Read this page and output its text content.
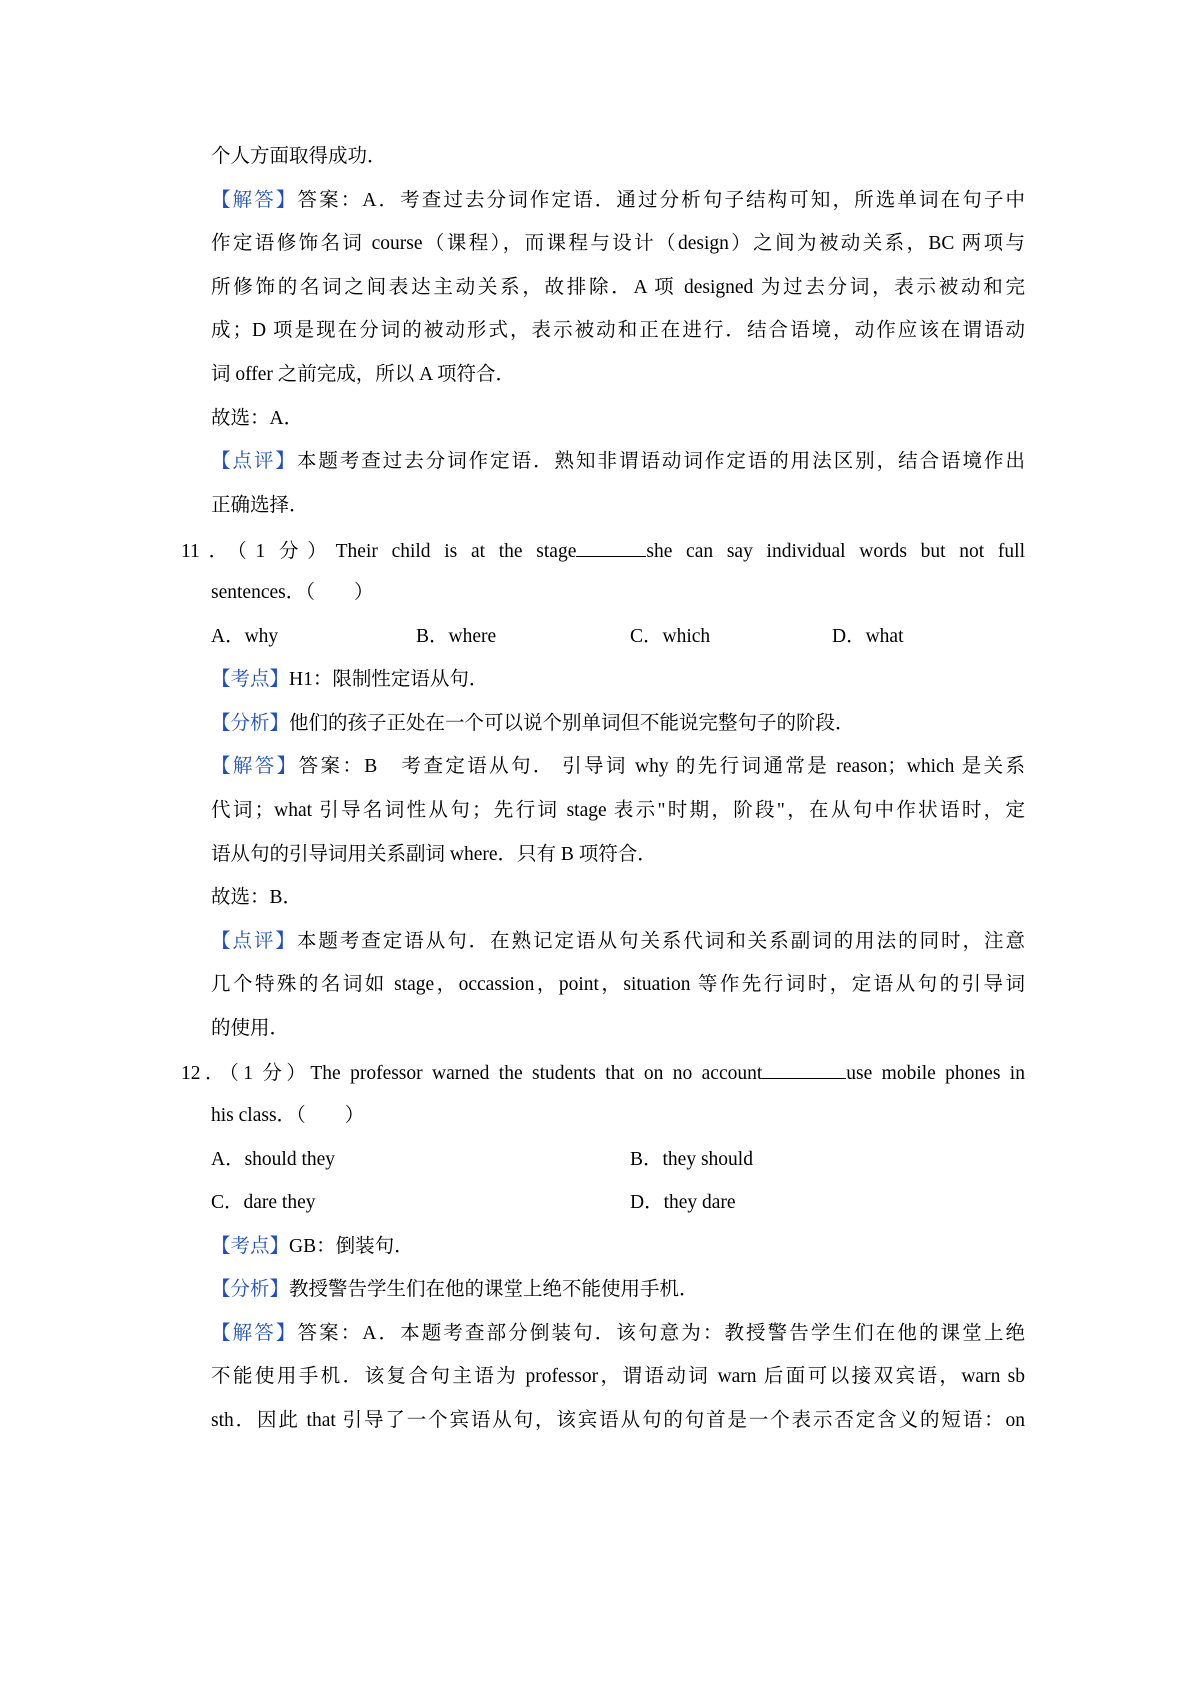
个人方面取得成功．
【解答】答案：A．考查过去分词作定语．通过分析句子结构可知，所选单词在句子中
作定语修饰名词 course（课程），而课程与设计（design）之间为被动关系，BC 两项与
所修饰的名词之间表达主动关系，故排除．A 项 designed 为过去分词，表示被动和完
成；D 项是现在分词的被动形式，表示被动和正在进行．结合语境，动作应该在谓语动
词 offer 之前完成，所以 A 项符合．
故选：A．
【点评】本题考查过去分词作定语．熟知非谓语动词作定语的用法区别，结合语境作出
正确选择．
11．（1 分）Their child is at the stage	she can say individual words but not full
sentences．（　　）
A．why	B．where	C．which	D．what
【考点】H1：限制性定语从句．
【分析】他们的孩子正处在一个可以说个别单词但不能说完整句子的阶段．
【解答】答案：B　考查定语从句． 引导词 why 的先行词通常是 reason；which 是关系
代词；what 引导名词性从句；先行词 stage 表示"时期，阶段"，在从句中作状语时，定
语从句的引导词用关系副词 where．只有 B 项符合．
故选：B．
【点评】本题考查定语从句．在熟记定语从句关系代词和关系副词的用法的同时，注意
几个特殊的名词如 stage，occassion，point，situation 等作先行词时，定语从句的引导词
的使用．
12．（1 分）The professor warned the students that on no account	use mobile phones in
his class．（　　）
A．should they	B．they should
C．dare they	D．they dare
【考点】GB：倒装句．
【分析】教授警告学生们在他的课堂上绝不能使用手机．
【解答】答案：A．本题考查部分倒装句．该句意为：教授警告学生们在他的课堂上绝
不能使用手机．该复合句主语为 professor，谓语动词 warn 后面可以接双宾语，warn sb
sth．因此 that 引导了一个宾语从句，该宾语从句的句首是一个表示否定含义的短语：on
